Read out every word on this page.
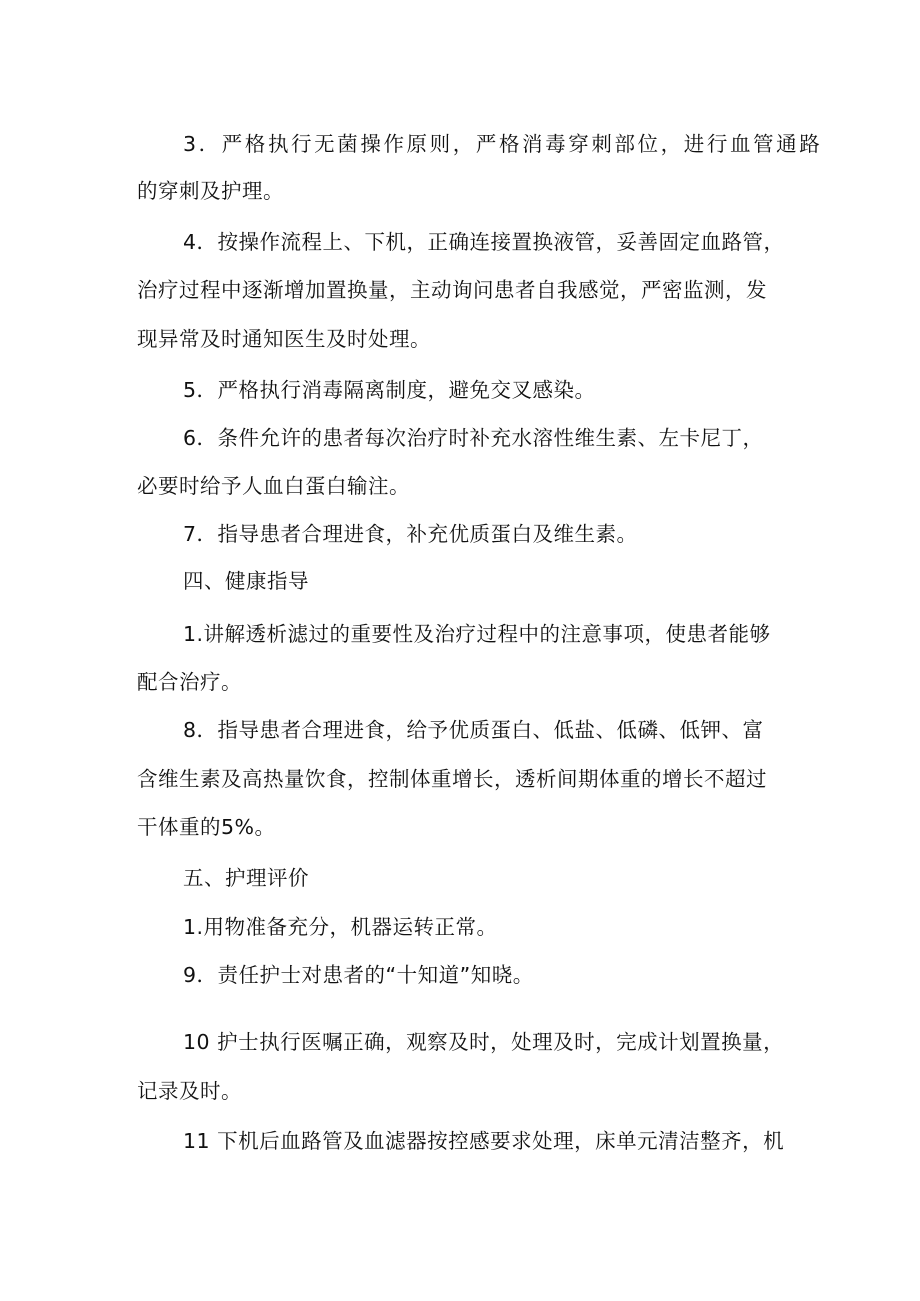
3．严格执行无菌操作原则，严格消毒穿刺部位，进行血管通路

的穿刺及护理。

4．按操作流程上、下机，正确连接置换液管，妥善固定血路管，

治疗过程中逐渐增加置换量，主动询问患者自我感觉，严密监测，发

现异常及时通知医生及时处理。

5．严格执行消毒隔离制度，避免交叉感染。

6．条件允许的患者每次治疗时补充水溶性维生素、左卡尼丁，

必要时给予人血白蛋白输注。

7．指导患者合理进食，补充优质蛋白及维生素。

四、健康指导

1.讲解透析滤过的重要性及治疗过程中的注意事项，使患者能够

配合治疗。

8．指导患者合理进食，给予优质蛋白、低盐、低磷、低钾、富

含维生素及高热量饮食，控制体重增长，透析间期体重的增长不超过

干体重的5%。

五、护理评价

1.用物准备充分，机器运转正常。

9．责任护士对患者的“十知道”知晓。

10 护士执行医嘱正确，观察及时，处理及时，完成计划置换量，

记录及时。

11 下机后血路管及血滤器按控感要求处理，床单元清洁整齐，机
